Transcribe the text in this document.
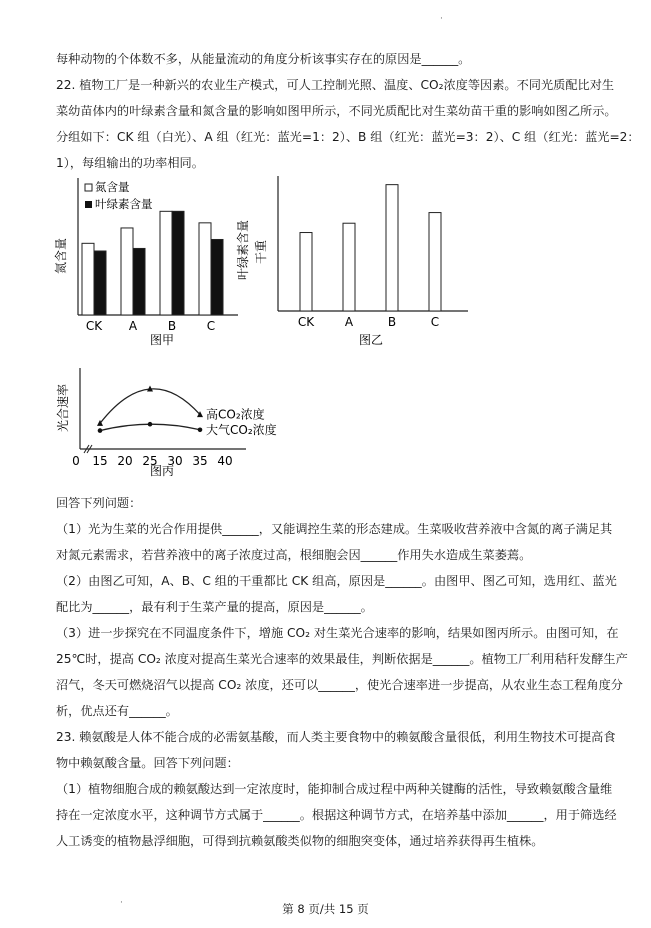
·
每种动物的个体数不多，从能量流动的角度分析该事实存在的原因是______。
22. 植物工厂是一种新兴的农业生产模式，可人工控制光照、温度、CO₂浓度等因素。不同光质配比对生
菜幼苗体内的叶绿素含量和氮含量的影响如图甲所示，不同光质配比对生菜幼苗干重的影响如图乙所示。
分组如下：CK 组（白光）、A 组（红光：蓝光=1：2）、B 组（红光：蓝光=3：2）、C 组（红光：蓝光=2：
1），每组输出的功率相同。
氮含量
氮含量
叶绿素含量
CK A	B	C
图甲
叶绿素含量 干重
CK	A	B	C
图乙
光合速率	高CO₂浓度
大气CO₂浓度
0 15 20 25 30 35 40
图丙
回答下列问题：
（1）光为生菜的光合作用提供______，又能调控生菜的形态建成。生菜吸收营养液中含氮的离子满足其
对氮元素需求，若营养液中的离子浓度过高，根细胞会因______作用失水造成生菜萎蔫。
（2）由图乙可知，A、B、C 组的干重都比 CK 组高，原因是______。由图甲、图乙可知，选用红、蓝光
配比为______，最有利于生菜产量的提高，原因是______。
（3）进一步探究在不同温度条件下，增施 CO₂ 对生菜光合速率的影响，结果如图丙所示。由图可知，在
25℃时，提高 CO₂ 浓度对提高生菜光合速率的效果最佳，判断依据是______。植物工厂利用秸秆发酵生产
沼气，冬天可燃烧沼气以提高 CO₂ 浓度，还可以______，使光合速率进一步提高，从农业生态工程角度分
析，优点还有______。
23. 赖氨酸是人体不能合成的必需氨基酸，而人类主要食物中的赖氨酸含量很低，利用生物技术可提高食
物中赖氨酸含量。回答下列问题：
（1）植物细胞合成的赖氨酸达到一定浓度时，能抑制合成过程中两种关键酶的活性，导致赖氨酸含量维
持在一定浓度水平，这种调节方式属于______。根据这种调节方式，在培养基中添加______，用于筛选经
人工诱变的植物悬浮细胞，可得到抗赖氨酸类似物的细胞突变体，通过培养获得再生植株。
·	第 8 页/共 15 页
